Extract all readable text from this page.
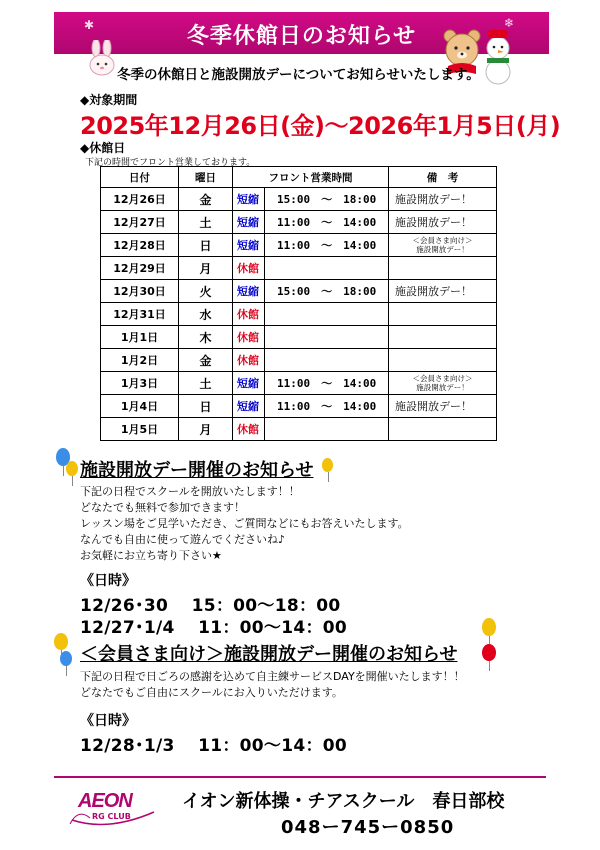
✱	❄
冬季休館日のお知らせ
冬季の休館日と施設開放デーについてお知らせいたします。
◆対象期間
2025年12月26日(金)～2026年1月5日(月)
◆休館日
下記の時間でフロント営業しております。
日付	曜日	フロント営業時間		備　考
12月26日	金	短縮	15:00　～　18:00	施設開放デー！
12月27日	土	短縮	11:00　～　14:00	施設開放デー！
12月28日	日	短縮	11:00　～　14:00	＜会員さま向け＞
施設開放デー！
12月29日	月	休館		
12月30日	火	短縮	15:00　～　18:00	施設開放デー！
12月31日	水	休館		
1月1日	木	休館		
1月2日	金	休館		
1月3日	土	短縮	11:00　～　14:00	＜会員さま向け＞
施設開放デー！
1月4日	日	短縮	11:00　～　14:00	施設開放デー！
1月5日	月	休館		
施設開放デー開催のお知らせ
下記の日程でスクールを開放いたします！！
どなたでも無料で参加できます！
レッスン場をご見学いただき、ご質問などにもお答えいたします。
なんでも自由に使って遊んでくださいね♪
お気軽にお立ち寄り下さい★
《日時》
12/26･30　 15：00～18：00
12/27･1/4 　11：00～14：00
＜会員さま向け＞施設開放デー開催のお知らせ
下記の日程で日ごろの感謝を込めて自主練サービスDAYを開催いたします！！
どなたでもご自由にスクールにお入りいただけます。
《日時》
12/28･1/3 　11：00～14：00
AEON
RG CLUB
イオン新体操・チアスクール　春日部校
048ー745ー0850
